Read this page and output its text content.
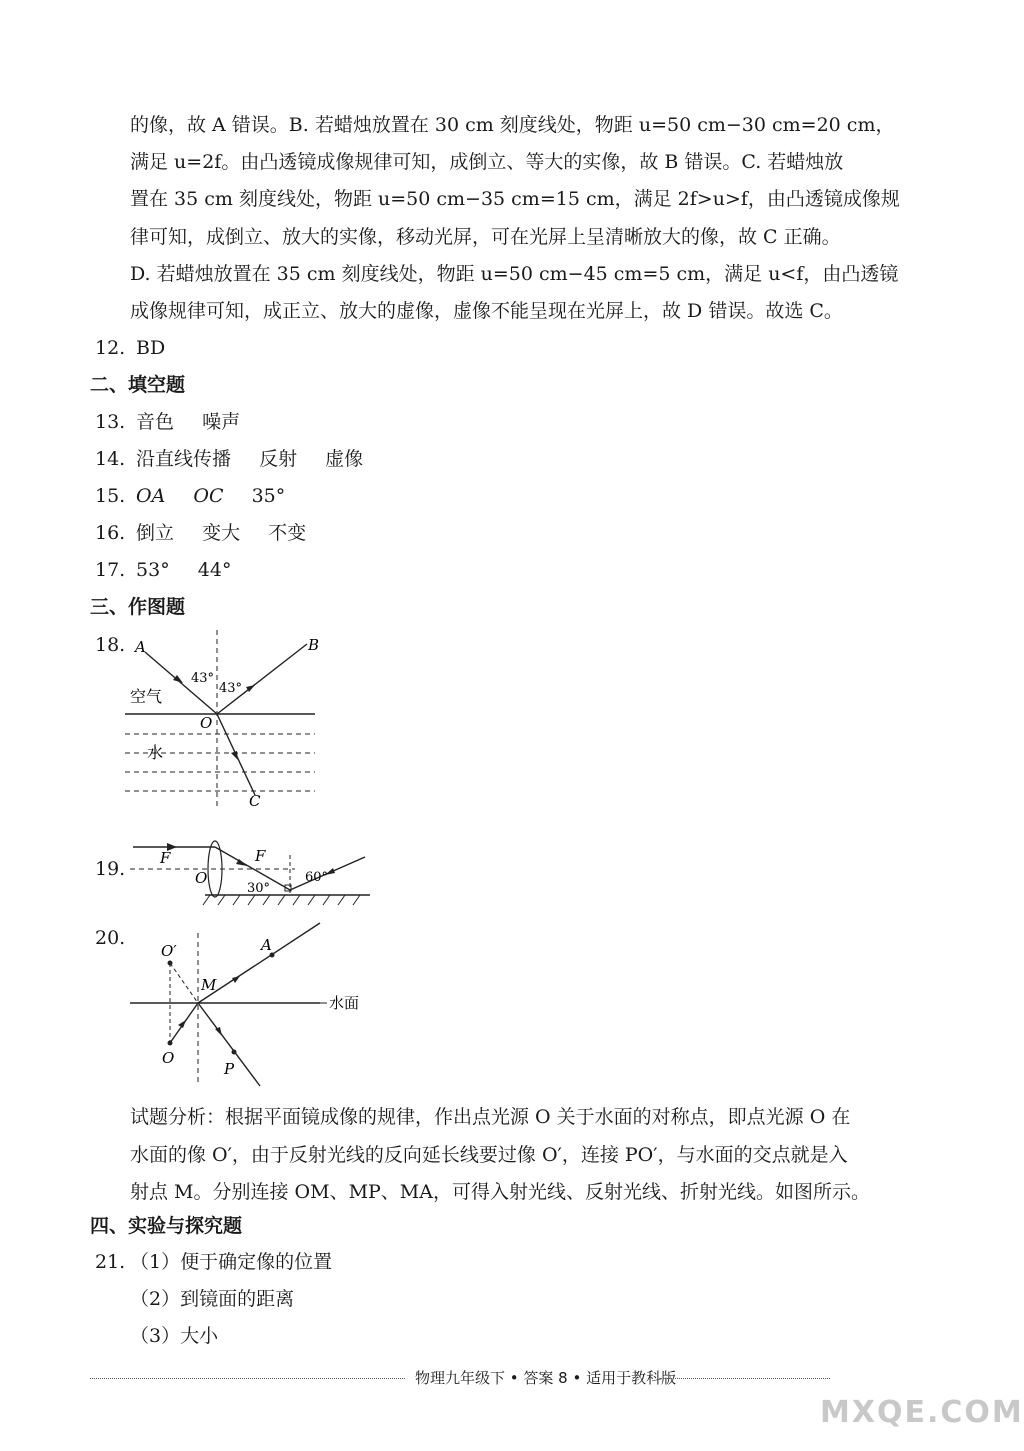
的像，故 A 错误。B. 若蜡烛放置在 30 cm 刻度线处，物距 u=50 cm−30 cm=20 cm，
满足 u=2f。由凸透镜成像规律可知，成倒立、等大的实像，故 B 错误。C. 若蜡烛放
置在 35 cm 刻度线处，物距 u=50 cm−35 cm=15 cm，满足 2f>u>f，由凸透镜成像规
律可知，成倒立、放大的实像，移动光屏，可在光屏上呈清晰放大的像，故 C 正确。
D. 若蜡烛放置在 35 cm 刻度线处，物距 u=50 cm−45 cm=5 cm，满足 u<f，由凸透镜
成像规律可知，成正立、放大的虚像，虚像不能呈现在光屏上，故 D 错误。故选 C。
12. BD
二、填空题
13. 音色 噪声
14. 沿直线传播 反射 虚像
15. OA OC 35°
16. 倒立 变大 不变
17. 53° 44°
三、作图题
18. A	B
43°
43°
空气
O
水
C
19. F	F
O
30°
60°
20.
O′	A
M
水面
O
P
试题分析：根据平面镜成像的规律，作出点光源 O 关于水面的对称点，即点光源 O 在
水面的像 O′，由于反射光线的反向延长线要过像 O′，连接 PO′，与水面的交点就是入
射点 M。分别连接 OM、MP、MA，可得入射光线、反射光线、折射光线。如图所示。
四、实验与探究题
21. （1）便于确定像的位置
（2）到镜面的距离
（3）大小
物理九年级下 • 答案 8 • 适用于教科版
MXQE.COM
